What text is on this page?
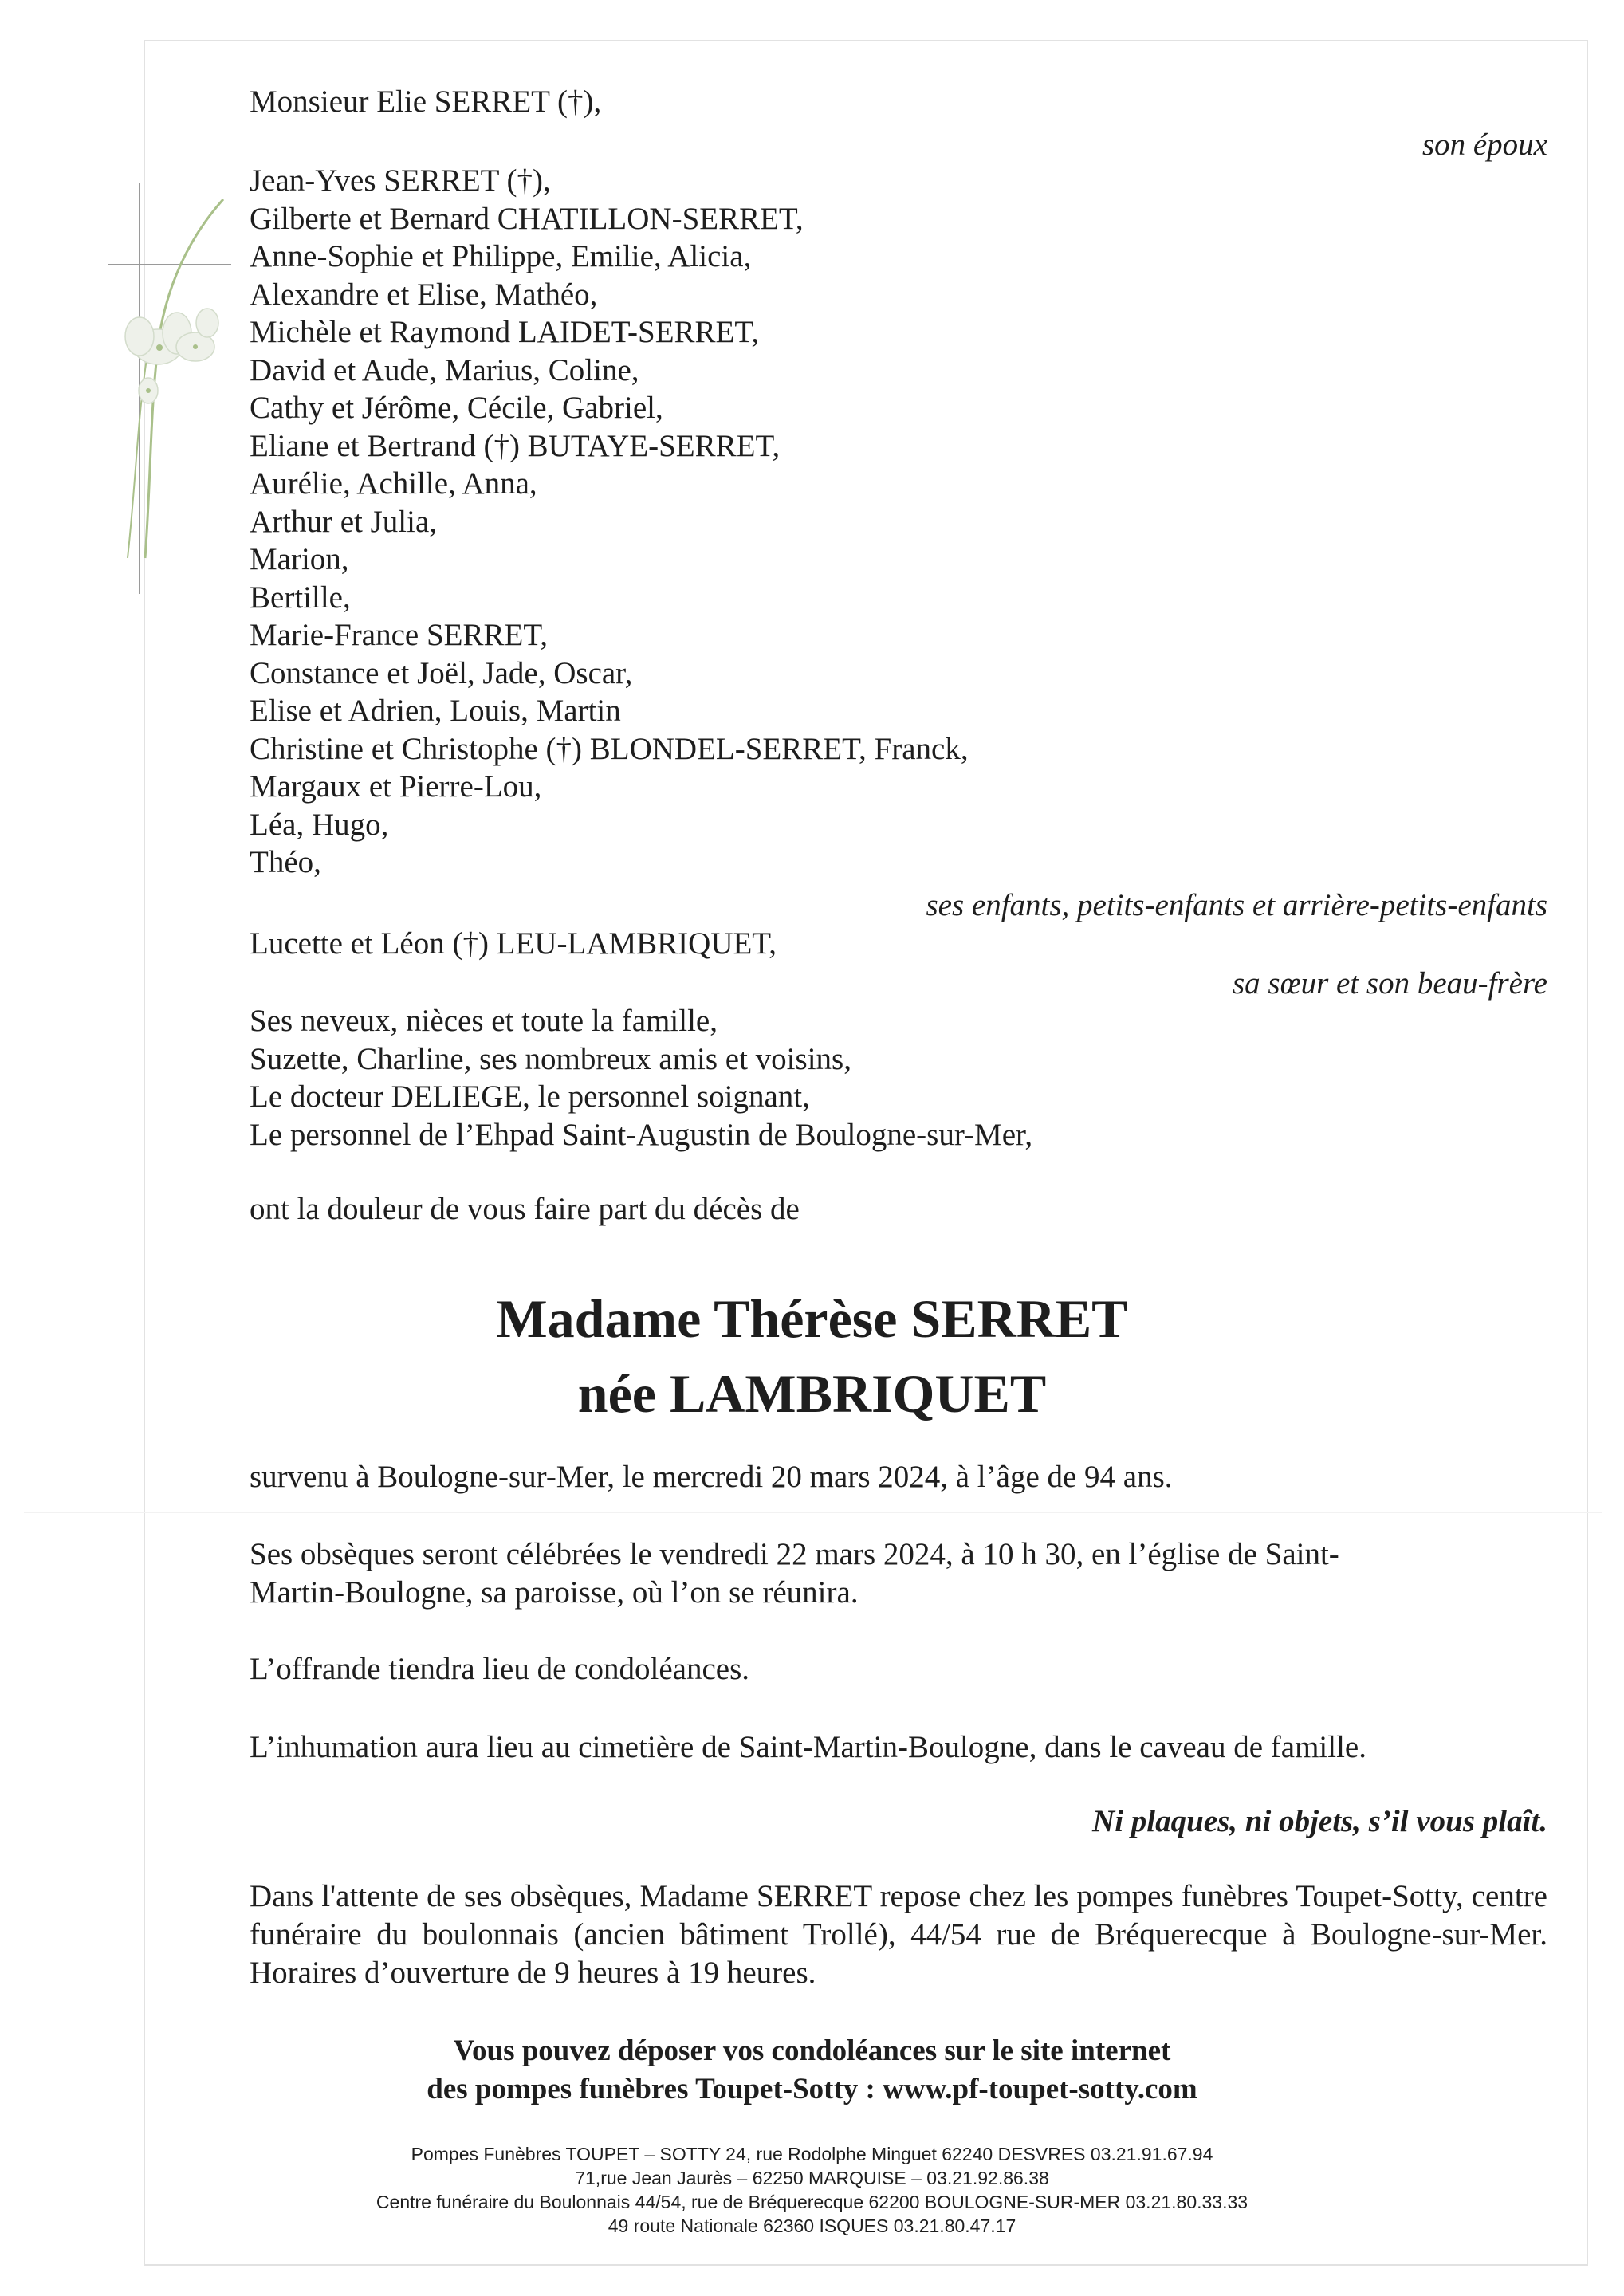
Monsieur Elie SERRET (†),
son époux
Jean-Yves SERRET (†),
Gilberte et Bernard CHATILLON-SERRET,
Anne-Sophie et Philippe, Emilie, Alicia,
Alexandre et Elise, Mathéo,
Michèle et Raymond LAIDET-SERRET,
David et Aude, Marius, Coline,
Cathy et Jérôme, Cécile, Gabriel,
Eliane et Bertrand (†) BUTAYE-SERRET,
Aurélie, Achille, Anna,
Arthur et Julia,
Marion,
Bertille,
Marie-France SERRET,
Constance et Joël, Jade, Oscar,
Elise et Adrien, Louis, Martin
Christine et Christophe (†) BLONDEL-SERRET, Franck,
Margaux et Pierre-Lou,
Léa, Hugo,
Théo,
ses enfants, petits-enfants et arrière-petits-enfants
Lucette et Léon (†) LEU-LAMBRIQUET,
sa sœur et son beau-frère
Ses neveux, nièces et toute la famille,
Suzette, Charline, ses nombreux amis et voisins,
Le docteur DELIEGE, le personnel soignant,
Le personnel de l’Ehpad Saint-Augustin de Boulogne-sur-Mer,
ont la douleur de vous faire part du décès de
Madame Thérèse SERRET
née LAMBRIQUET
survenu à Boulogne-sur-Mer, le mercredi 20 mars 2024, à l’âge de 94 ans.
Ses obsèques seront célébrées le vendredi 22 mars 2024, à 10 h 30, en l’église de Saint-Martin-Boulogne, sa paroisse, où l’on se réunira.
L’offrande tiendra lieu de condoléances.
L’inhumation aura lieu au cimetière de Saint-Martin-Boulogne, dans le caveau de famille.
Ni plaques, ni objets, s’il vous plaît.
Dans l'attente de ses obsèques, Madame SERRET repose chez les pompes funèbres Toupet-Sotty, centre funéraire du boulonnais (ancien bâtiment Trollé), 44/54 rue de Bréquerecque à Boulogne-sur-Mer. Horaires d’ouverture de 9 heures à 19 heures.
Vous pouvez déposer vos condoléances sur le site internet
des pompes funèbres Toupet-Sotty : www.pf-toupet-sotty.com
Pompes Funèbres TOUPET – SOTTY 24, rue Rodolphe Minguet 62240 DESVRES 03.21.91.67.94
71,rue Jean Jaurès – 62250 MARQUISE – 03.21.92.86.38
Centre funéraire du Boulonnais 44/54, rue de Bréquerecque 62200 BOULOGNE-SUR-MER 03.21.80.33.33
49 route Nationale 62360 ISQUES 03.21.80.47.17
